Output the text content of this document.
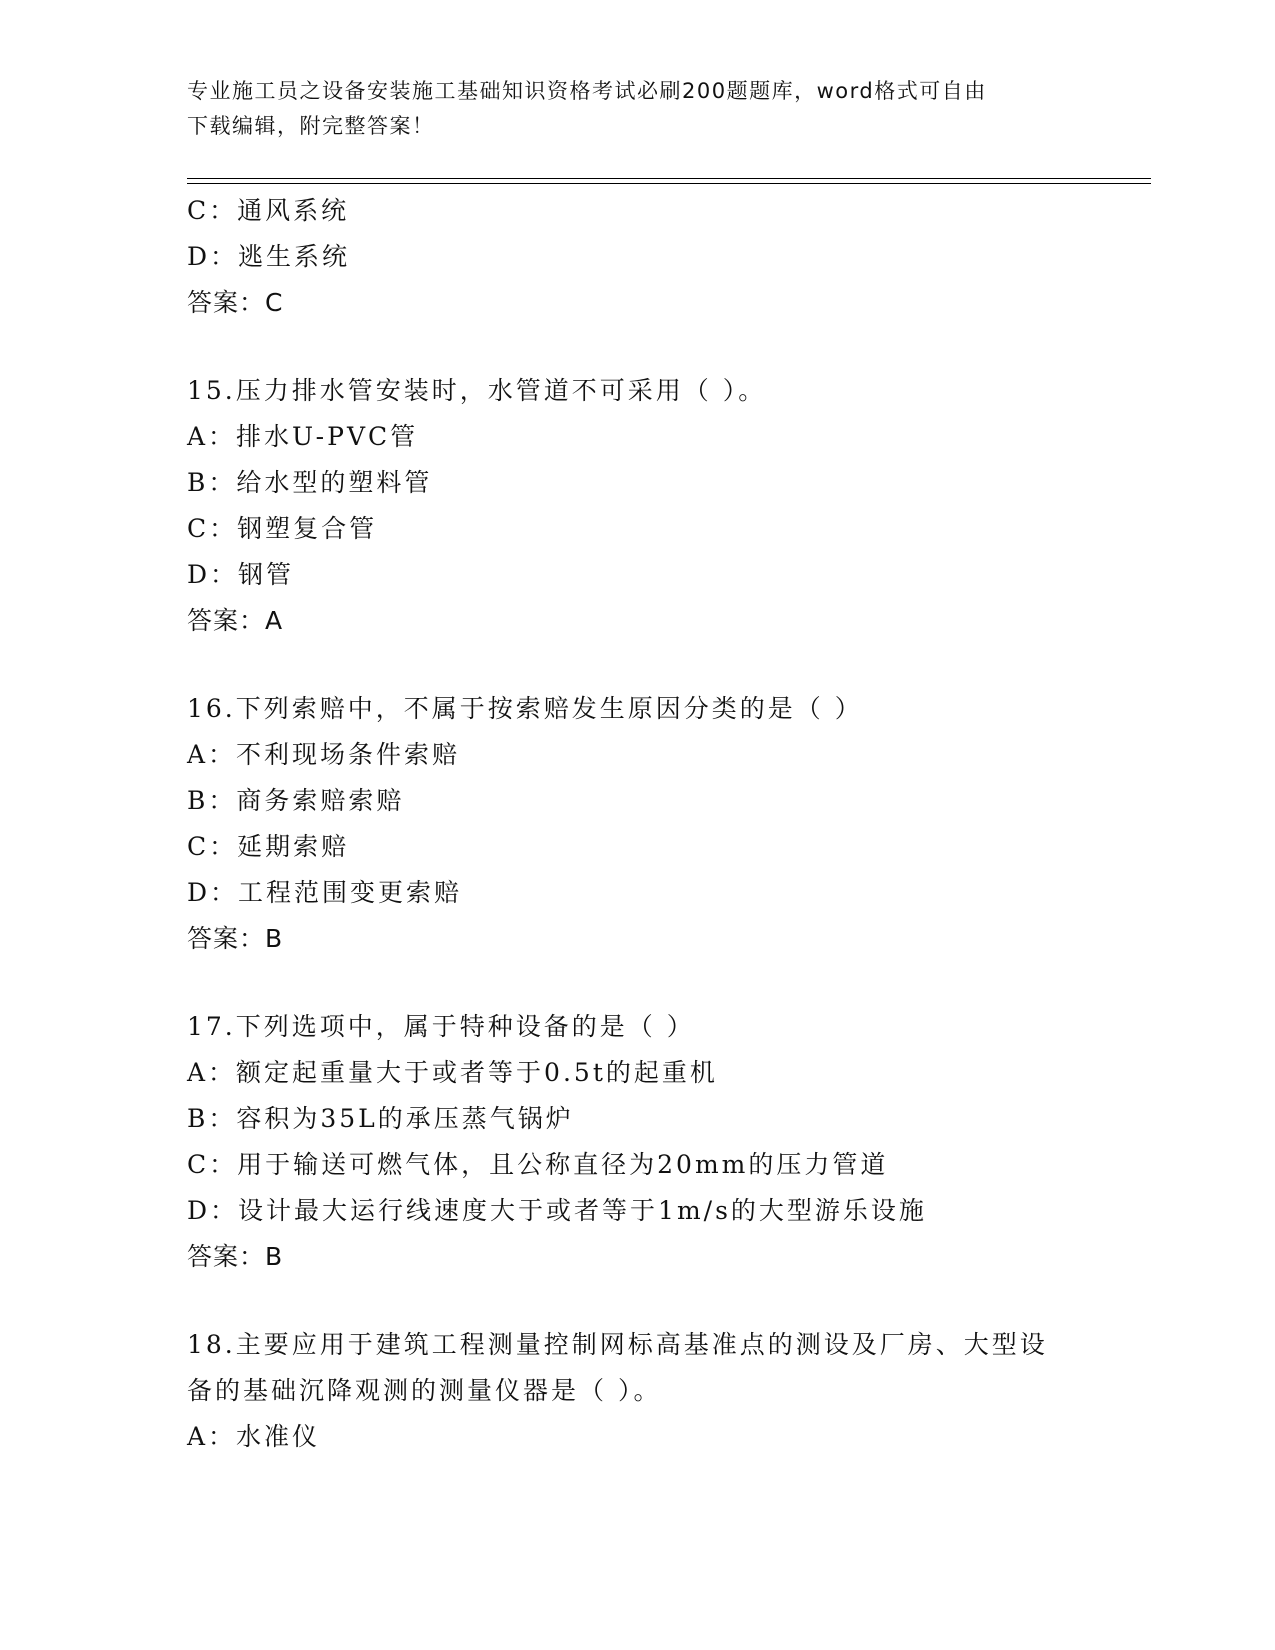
专业施工员之设备安装施工基础知识资格考试必刷200题题库，word格式可自由
下载编辑，附完整答案！
C：通风系统
D：逃生系统
答案：C
15.压力排水管安装时，水管道不可采用（ ）。
A：排水U-PVC管
B：给水型的塑料管
C：钢塑复合管
D：钢管
答案：A
16.下列索赔中，不属于按索赔发生原因分类的是（ ）
A：不利现场条件索赔
B：商务索赔索赔
C：延期索赔
D：工程范围变更索赔
答案：B
17.下列选项中，属于特种设备的是（ ）
A：额定起重量大于或者等于0.5t的起重机
B：容积为35L的承压蒸气锅炉
C：用于输送可燃气体，且公称直径为20mm的压力管道
D：设计最大运行线速度大于或者等于1m/s的大型游乐设施
答案：B
18.主要应用于建筑工程测量控制网标高基准点的测设及厂房、大型设
备的基础沉降观测的测量仪器是（ ）。
A：水准仪
